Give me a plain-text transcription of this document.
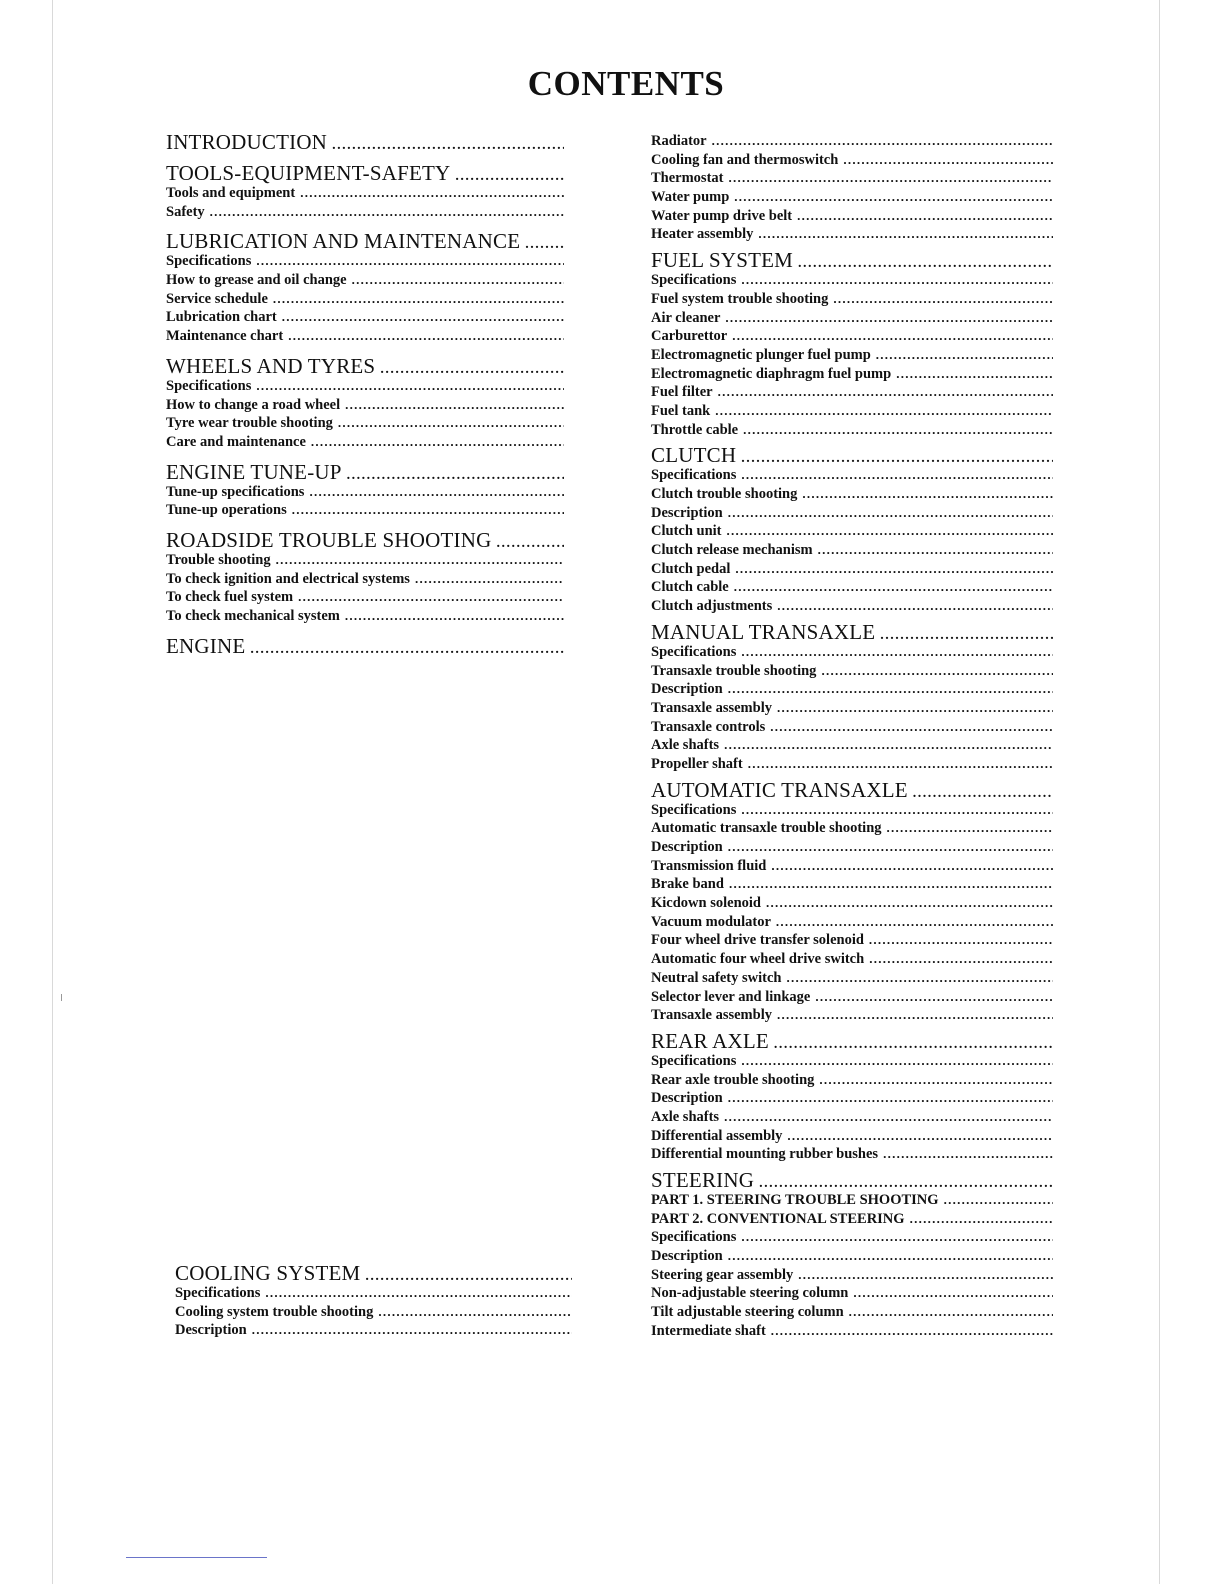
CONTENTS
INTRODUCTION
. . .
TOOLS-EQUIPMENT-SAFETY
. . .
Tools and equipment
. . .
Safety
. . .
LUBRICATION AND MAINTENANCE
. . .
Specifications
. . .
How to grease and oil change
. . .
Service schedule
. . .
Lubrication chart
. . .
Maintenance chart
. . .
WHEELS AND TYRES
. . .
Specifications
. . .
How to change a road wheel
. . .
Tyre wear trouble shooting
. . .
Care and maintenance
. . .
ENGINE TUNE-UP
. . .
Tune-up specifications
. . .
Tune-up operations
. . .
ROADSIDE TROUBLE SHOOTING
. . .
Trouble shooting
. . .
To check ignition and electrical systems
. . .
To check fuel system
. . .
To check mechanical system
. . .
ENGINE
. . .
COOLING SYSTEM
. . .
Specifications
. . .
Cooling system trouble shooting
. . .
Description
. . .
Radiator
. . .
Cooling fan and thermoswitch
. . .
Thermostat
. . .
Water pump
. . .
Water pump drive belt
. . .
Heater assembly
. . .
FUEL SYSTEM
. . .
Specifications
. . .
Fuel system trouble shooting
. . .
Air cleaner
. . .
Carburettor
. . .
Electromagnetic plunger fuel pump
. . .
Electromagnetic diaphragm fuel pump
. . .
Fuel filter
. . .
Fuel tank
. . .
Throttle cable
. . .
CLUTCH
. . .
Specifications
. . .
Clutch trouble shooting
. . .
Description
. . .
Clutch unit
. . .
Clutch release mechanism
. . .
Clutch pedal
. . .
Clutch cable
. . .
Clutch adjustments
. . .
MANUAL TRANSAXLE
. . .
Specifications
. . .
Transaxle trouble shooting
. . .
Description
. . .
Transaxle assembly
. . .
Transaxle controls
. . .
Axle shafts
. . .
Propeller shaft
. . .
AUTOMATIC TRANSAXLE
. . .
Specifications
. . .
Automatic transaxle trouble shooting
. . .
Description
. . .
Transmission fluid
. . .
Brake band
. . .
Kicdown solenoid
. . .
Vacuum modulator
. . .
Four wheel drive transfer solenoid
. . .
Automatic four wheel drive switch
. . .
Neutral safety switch
. . .
Selector lever and linkage
. . .
Transaxle assembly
. . .
REAR AXLE
. . .
Specifications
. . .
Rear axle trouble shooting
. . .
Description
. . .
Axle shafts
. . .
Differential assembly
. . .
Differential mounting rubber bushes
. . .
STEERING
. . .
PART 1. STEERING TROUBLE SHOOTING
. . .
PART 2. CONVENTIONAL STEERING
. . .
Specifications
. . .
Description
. . .
Steering gear assembly
. . .
Non-adjustable steering column
. . .
Tilt adjustable steering column
. . .
Intermediate shaft
. . .
